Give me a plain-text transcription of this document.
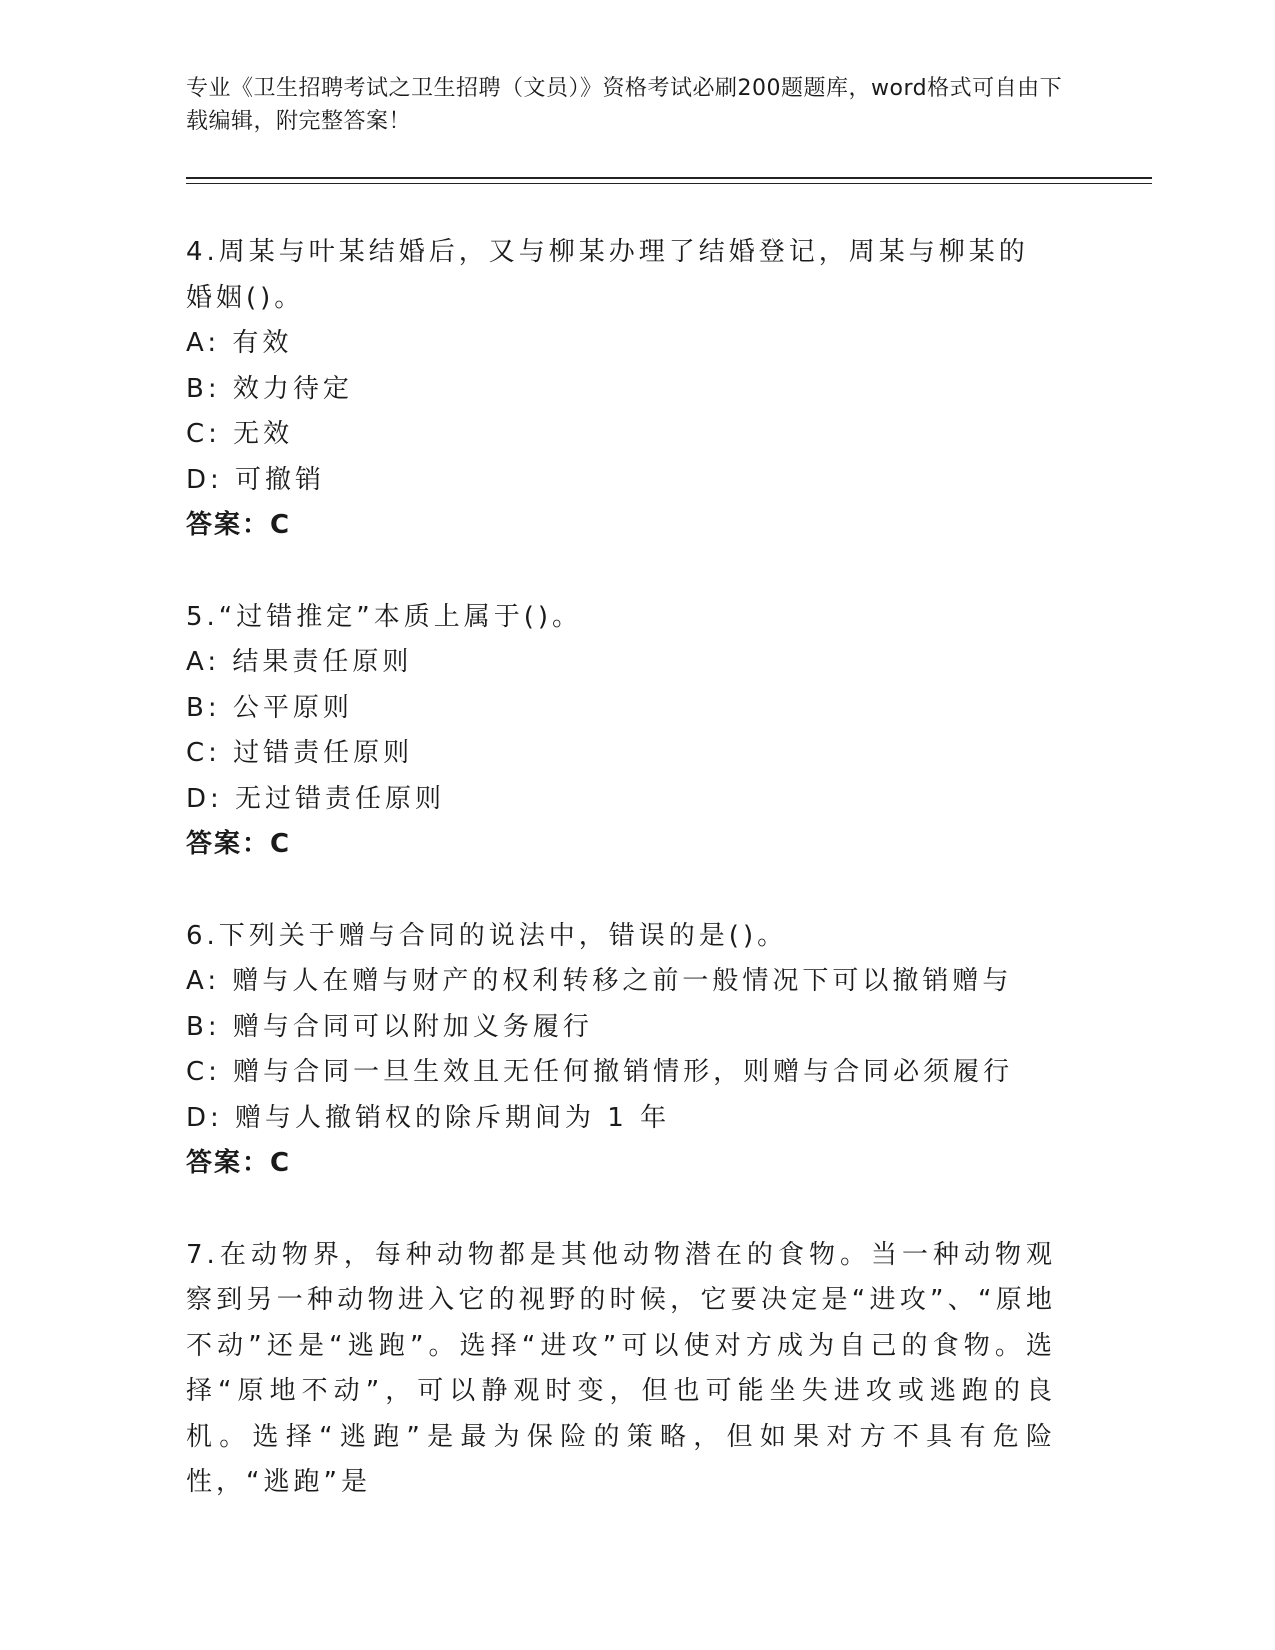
专业《卫生招聘考试之卫生招聘（文员）》资格考试必刷200题题库，word格式可自由下载编辑，附完整答案！

4.周某与叶某结婚后，又与柳某办理了结婚登记，周某与柳某的婚姻()。

A: 有效

B: 效力待定

C: 无效

D: 可撤销

答案：C

5.“过错推定”本质上属于()。

A: 结果责任原则

B: 公平原则

C: 过错责任原则

D: 无过错责任原则

答案：C

6.下列关于赠与合同的说法中，错误的是()。

A: 赠与人在赠与财产的权利转移之前一般情况下可以撤销赠与

B: 赠与合同可以附加义务履行

C: 赠与合同一旦生效且无任何撤销情形，则赠与合同必须履行

D: 赠与人撤销权的除斥期间为 1 年

答案：C

7.在动物界，每种动物都是其他动物潜在的食物。当一种动物观察到另一种动物进入它的视野的时候，它要决定是“进攻”、“原地不动”还是“逃跑”。选择“进攻”可以使对方成为自己的食物。选择“原地不动”，可以静观时变，但也可能坐失进攻或逃跑的良机。选择“逃跑”是最为保险的策略，但如果对方不具有危险性，“逃跑”是
